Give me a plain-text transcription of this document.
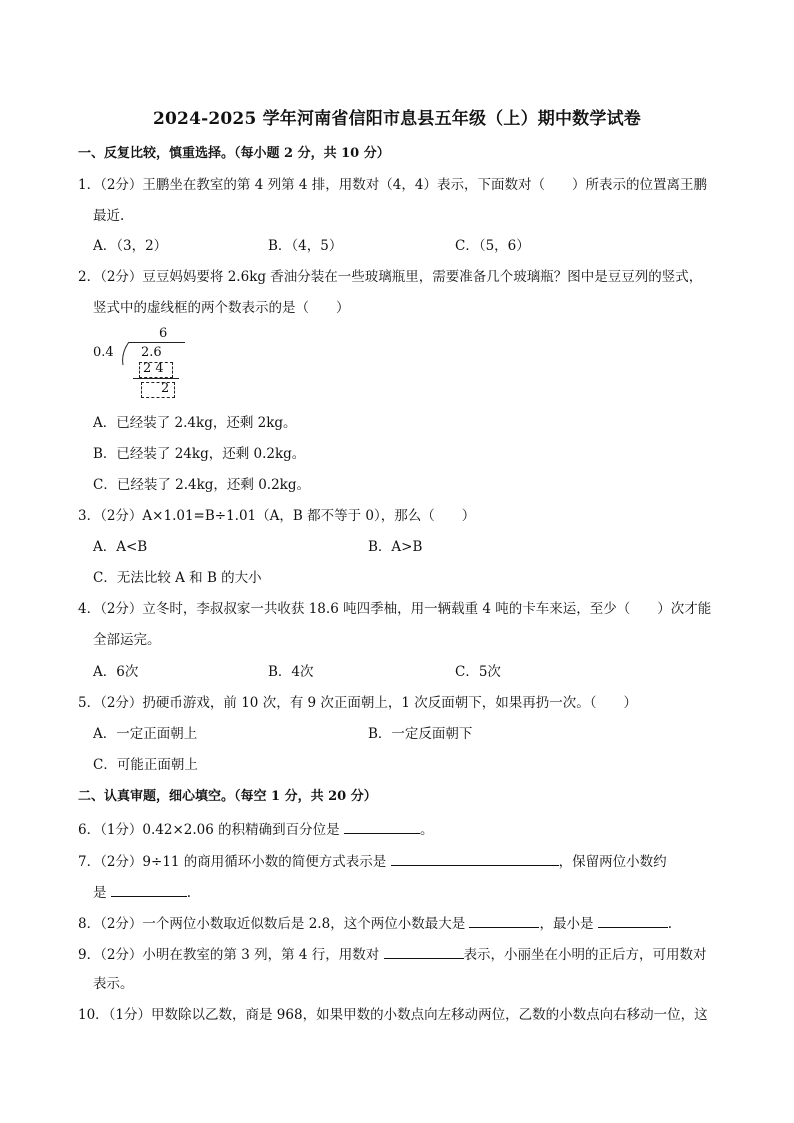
2024-2025 学年河南省信阳市息县五年级（上）期中数学试卷
一、反复比较，慎重选择。（每小题 2 分，共 10 分）
1．（2分）王鹏坐在教室的第 4 列第 4 排，用数对（4，4）表示，下面数对（　　）所表示的位置离王鹏
最近.
A．（3，2）	B．（4，5）	C．（5，6）
2．（2分）豆豆妈妈要将 2.6kg 香油分装在一些玻璃瓶里，需要准备几个玻璃瓶？图中是豆豆列的竖式，
竖式中的虚线框的两个数表示的是（　　）
6
0.4 2.6
2 4
2
A．已经装了 2.4kg，还剩 2kg。
B．已经装了 24kg，还剩 0.2kg。
C．已经装了 2.4kg，还剩 0.2kg。
3．（2分）A×1.01=B÷1.01（A，B 都不等于 0），那么（　　）
A．A<B	B．A>B
C．无法比较 A 和 B 的大小
4．（2分）立冬时，李叔叔家一共收获 18.6 吨四季柚，用一辆载重 4 吨的卡车来运，至少（　　）次才能
全部运完。
A．6次	B．4次	C．5次
5．（2分）扔硬币游戏，前 10 次，有 9 次正面朝上，1 次反面朝下，如果再扔一次。（　　）
A．一定正面朝上	B．一定反面朝下
C．可能正面朝上
二、认真审题，细心填空。（每空 1 分，共 20 分）
6．（1分）0.42×2.06 的积精确到百分位是	。
7．（2分）9÷11 的商用循环小数的简便方式表示是	，保留两位小数约
是	.
8．（2分）一个两位小数取近似数后是 2.8，这个两位小数最大是	，最小是	.
9．（2分）小明在教室的第 3 列，第 4 行，用数对	表示，小丽坐在小明的正后方，可用数对
表示。
10．（1分）甲数除以乙数，商是 968，如果甲数的小数点向左移动两位，乙数的小数点向右移动一位，这
